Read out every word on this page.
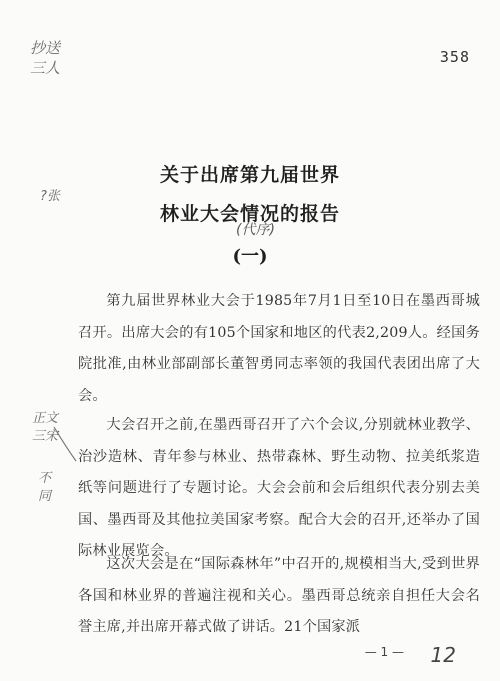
358
抄送 三人
?张
关于出席第九届世界
林业大会情况的报告
(代序)
(一)

第九届世界林业大会于1985年7月1日至10日在墨西哥城召开。出席大会的有105个国家和地区的代表2,209人。经国务院批准,由林业部副部长董智勇同志率领的我国代表团出席了大会。

大会召开之前,在墨西哥召开了六个会议,分别就林业教学、治沙造林、青年参与林业、热带森林、野生动物、拉美纸浆造纸等问题进行了专题讨论。大会会前和会后组织代表分别去美国、墨西哥及其他拉美国家考察。配合大会的召开,还举办了国际林业展览会。

这次大会是在“国际森林年”中召开的,规模相当大,受到世界各国和林业界的普遍注视和关心。墨西哥总统亲自担任大会名誉主席,并出席开幕式做了讲话。21个国家派

正文三宋
不同
— 1 — 12
